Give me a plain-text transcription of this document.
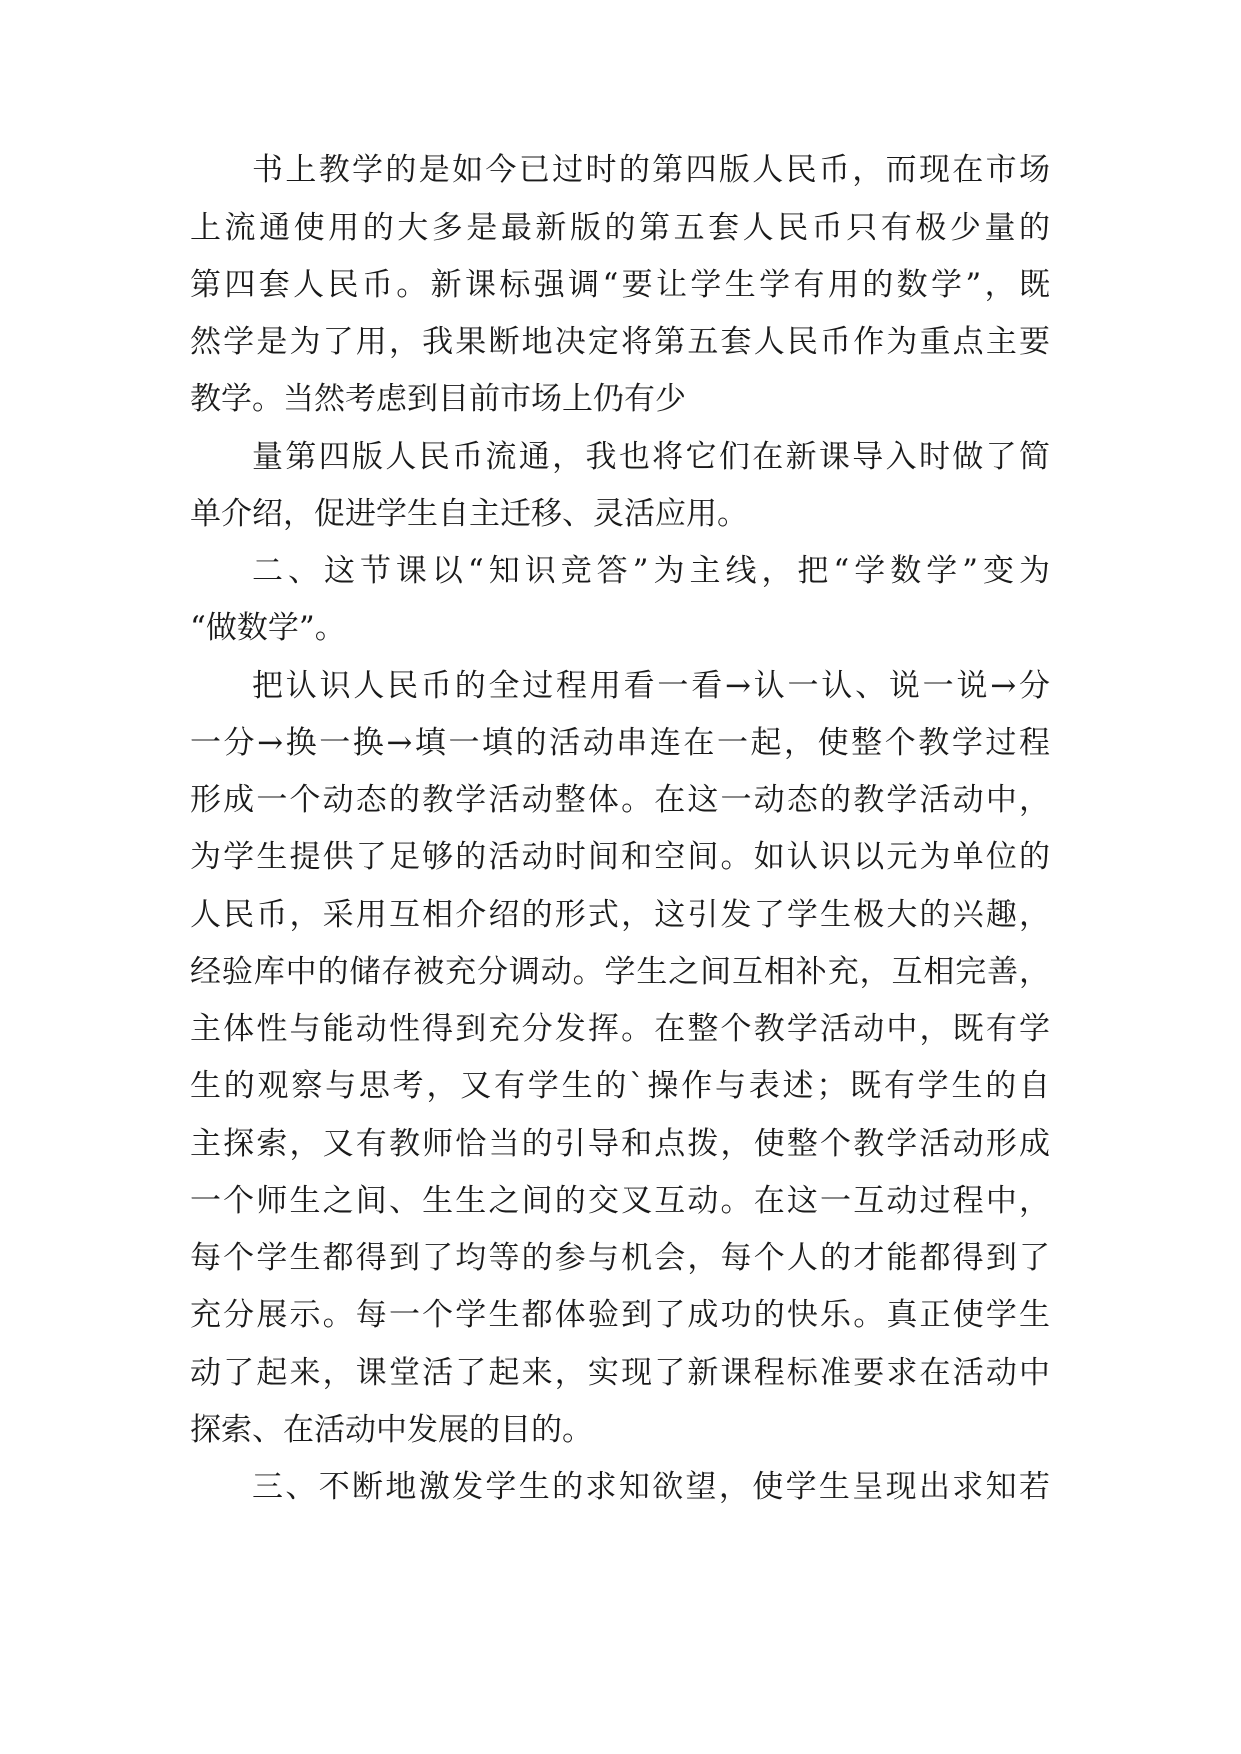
书上教学的是如今已过时的第四版人民币，而现在市场

上流通使用的大多是最新版的第五套人民币只有极少量的

第四套人民币。新课标强调“要让学生学有用的数学”，既

然学是为了用，我果断地决定将第五套人民币作为重点主要

教学。当然考虑到目前市场上仍有少

量第四版人民币流通，我也将它们在新课导入时做了简

单介绍，促进学生自主迁移、灵活应用。

二、这节课以“知识竞答”为主线，把“学数学”变为

“做数学”。

把认识人民币的全过程用看一看→认一认、说一说→分

一分→换一换→填一填的活动串连在一起，使整个教学过程

形成一个动态的教学活动整体。在这一动态的教学活动中，

为学生提供了足够的活动时间和空间。如认识以元为单位的

人民币，采用互相介绍的形式，这引发了学生极大的兴趣，

经验库中的储存被充分调动。学生之间互相补充，互相完善，

主体性与能动性得到充分发挥。在整个教学活动中，既有学

生的观察与思考，又有学生的`操作与表述；既有学生的自

主探索，又有教师恰当的引导和点拨，使整个教学活动形成

一个师生之间、生生之间的交叉互动。在这一互动过程中，

每个学生都得到了均等的参与机会，每个人的才能都得到了

充分展示。每一个学生都体验到了成功的快乐。真正使学生

动了起来，课堂活了起来，实现了新课程标准要求在活动中

探索、在活动中发展的目的。

三、不断地激发学生的求知欲望，使学生呈现出求知若
